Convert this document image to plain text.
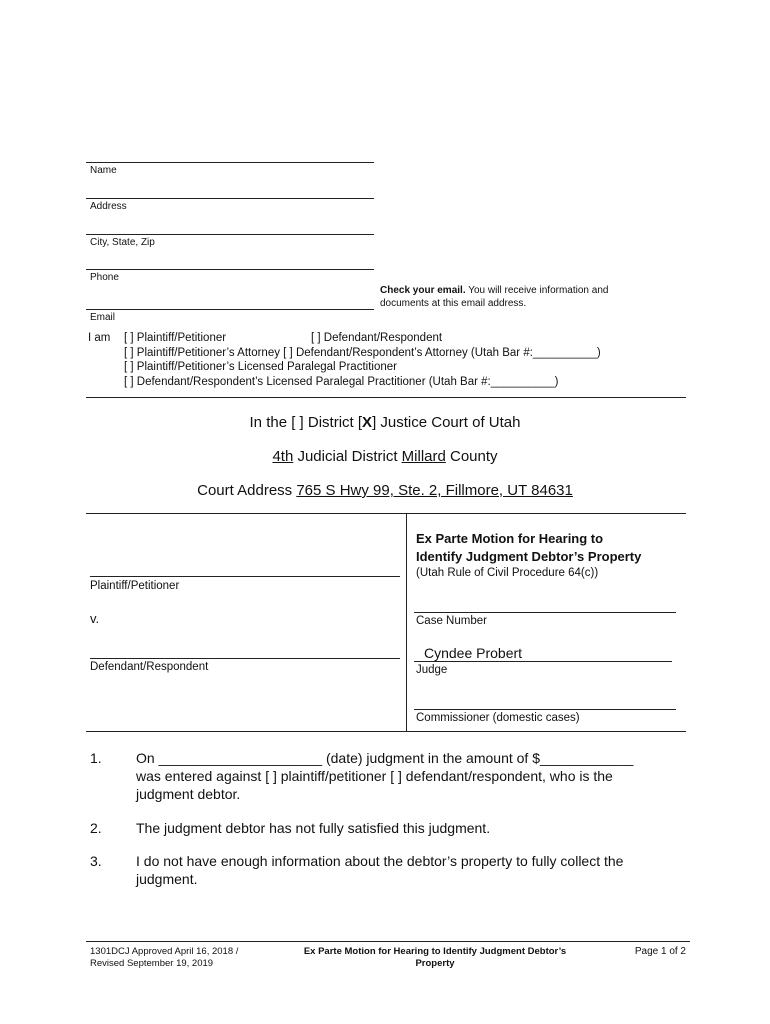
Name
Address
City, State, Zip
Phone
Email
Check your email. You will receive information and
documents at this email address.
I am [ ] Plaintiff/Petitioner	[ ] Defendant/Respondent
[ ] Plaintiff/Petitioner’s Attorney [ ] Defendant/Respondent’s Attorney (Utah Bar #:__________)
[ ] Plaintiff/Petitioner’s Licensed Paralegal Practitioner
[ ] Defendant/Respondent’s Licensed Paralegal Practitioner (Utah Bar #:__________)
In the [ ] District [X] Justice Court of Utah
4th Judicial District Millard County
Court Address 765 S Hwy 99, Ste. 2, Fillmore, UT 84631
Ex Parte Motion for Hearing to
Identify Judgment Debtor’s Property
(Utah Rule of Civil Procedure 64(c))
Plaintiff/Petitioner
v.
Defendant/Respondent
Case Number
Cyndee Probert
Judge
Commissioner (domestic cases)
1. On _____________________ (date) judgment in the amount of $____________
was entered against [ ] plaintiff/petitioner [ ] defendant/respondent, who is the
judgment debtor.
2. The judgment debtor has not fully satisfied this judgment.
3. I do not have enough information about the debtor’s property to fully collect the
judgment.
1301DCJ Approved April 16, 2018 /
Revised September 19, 2019
Ex Parte Motion for Hearing to Identify Judgment Debtor’s
Property
Page 1 of 2
